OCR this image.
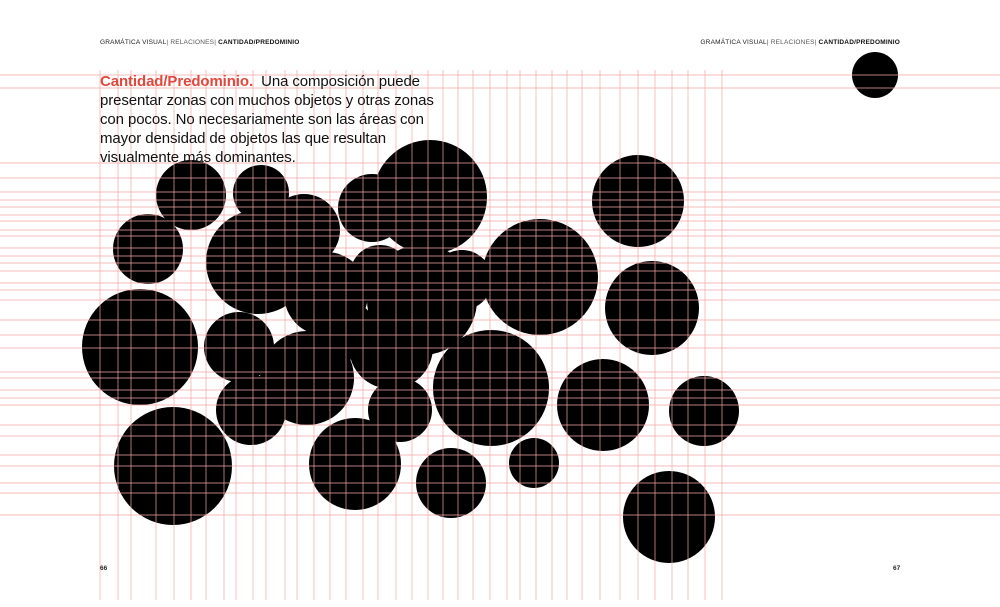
GRAMÁTICA VISUAL| RELACIONES| CANTIDAD/PREDOMINIO	GRAMÁTICA VISUAL| RELACIONES| CANTIDAD/PREDOMINIO
Cantidad/Predominio. Una composición puede presentar zonas con muchos objetos y otras zonas con pocos. No necesariamente son las áreas con mayor densidad de objetos las que resultan visualmente más dominantes.
66	67
